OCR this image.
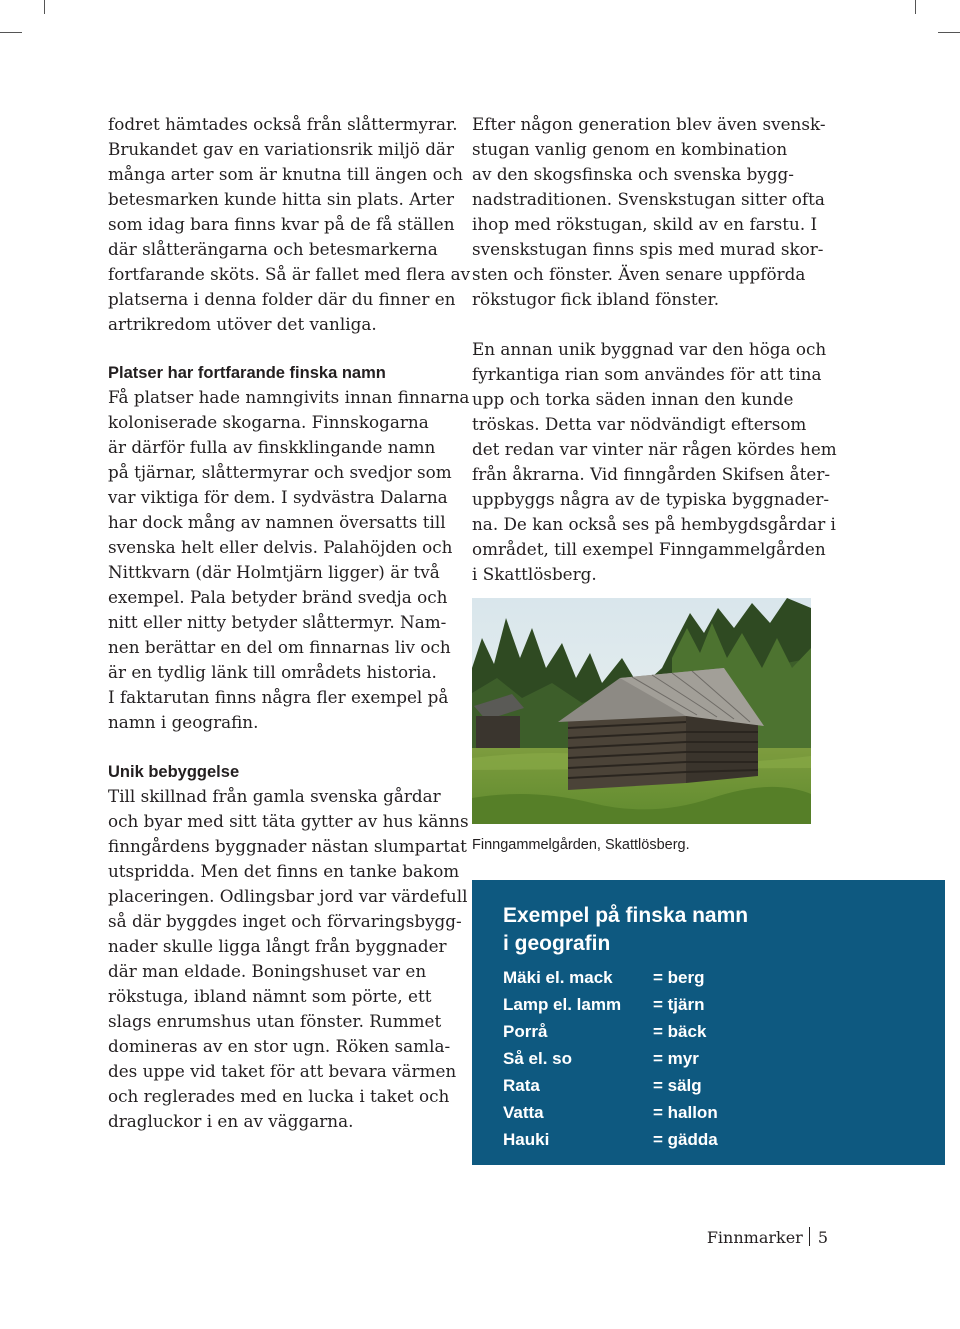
fodret hämtades också från slåttermyrar.
Brukandet gav en variationsrik miljö där
många arter som är knutna till ängen och
betesmarken kunde hitta sin plats. Arter
som idag bara finns kvar på de få ställen
där slåtterängarna och betesmarkerna
fortfarande sköts. Så är fallet med flera av
platserna i denna folder där du finner en
artrikredom utöver det vanliga.

Platser har fortfarande finska namn

Få platser hade namngivits innan finnarna
koloniserade skogarna. Finnskogarna
är därför fulla av finskklingande namn
på tjärnar, slåttermyrar och svedjor som
var viktiga för dem. I sydvästra Dalarna
har dock mång av namnen översatts till
svenska helt eller delvis. Palahöjden och
Nittkvarn (där Holmtjärn ligger) är två
exempel. Pala betyder bränd svedja och
nitt eller nitty betyder slåttermyr. Nam-
nen berättar en del om finnarnas liv och
är en tydlig länk till områdets historia.
I faktarutan finns några fler exempel på
namn i geografin.

Unik bebyggelse

Till skillnad från gamla svenska gårdar
och byar med sitt täta gytter av hus känns
finngårdens byggnader nästan slumpartat
utspridda. Men det finns en tanke bakom
placeringen. Odlingsbar jord var värdefull
så där byggdes inget och förvaringsbygg-
nader skulle ligga långt från byggnader
där man eldade. Boningshuset var en
rökstuga, ibland nämnt som pörte, ett
slags enrumshus utan fönster. Rummet
domineras av en stor ugn. Röken samla-
des uppe vid taket för att bevara värmen
och reglerades med en lucka i taket och
dragluckor i en av väggarna.

Efter någon generation blev även svensk-
stugan vanlig genom en kombination
av den skogsfinska och svenska bygg-
nadstraditionen. Svenskstugan sitter ofta
ihop med rökstugan, skild av en farstu. I
svenskstugan finns spis med murad skor-
sten och fönster. Även senare uppförda
rökstugor fick ibland fönster.

En annan unik byggnad var den höga och
fyrkantiga rian som användes för att tina
upp och torka säden innan den kunde
tröskas. Detta var nödvändigt eftersom
det redan var vinter när rågen kördes hem
från åkrarna. Vid finngården Skifsen åter-
uppbyggs några av de typiska byggnader-
na. De kan också ses på hembygdsgårdar i
området, till exempel Finngammelgården
i Skattlösberg.

Finngammelgården, Skattlösberg.

Exempel på finska namn
i geografin
Mäki el. mack = berg
Lamp el. lamm = tjärn
Porrå	= bäck
Så el. so	= myr
Rata	= sälg
Vatta	= hallon
Hauki	= gädda
Finnmarker 5
